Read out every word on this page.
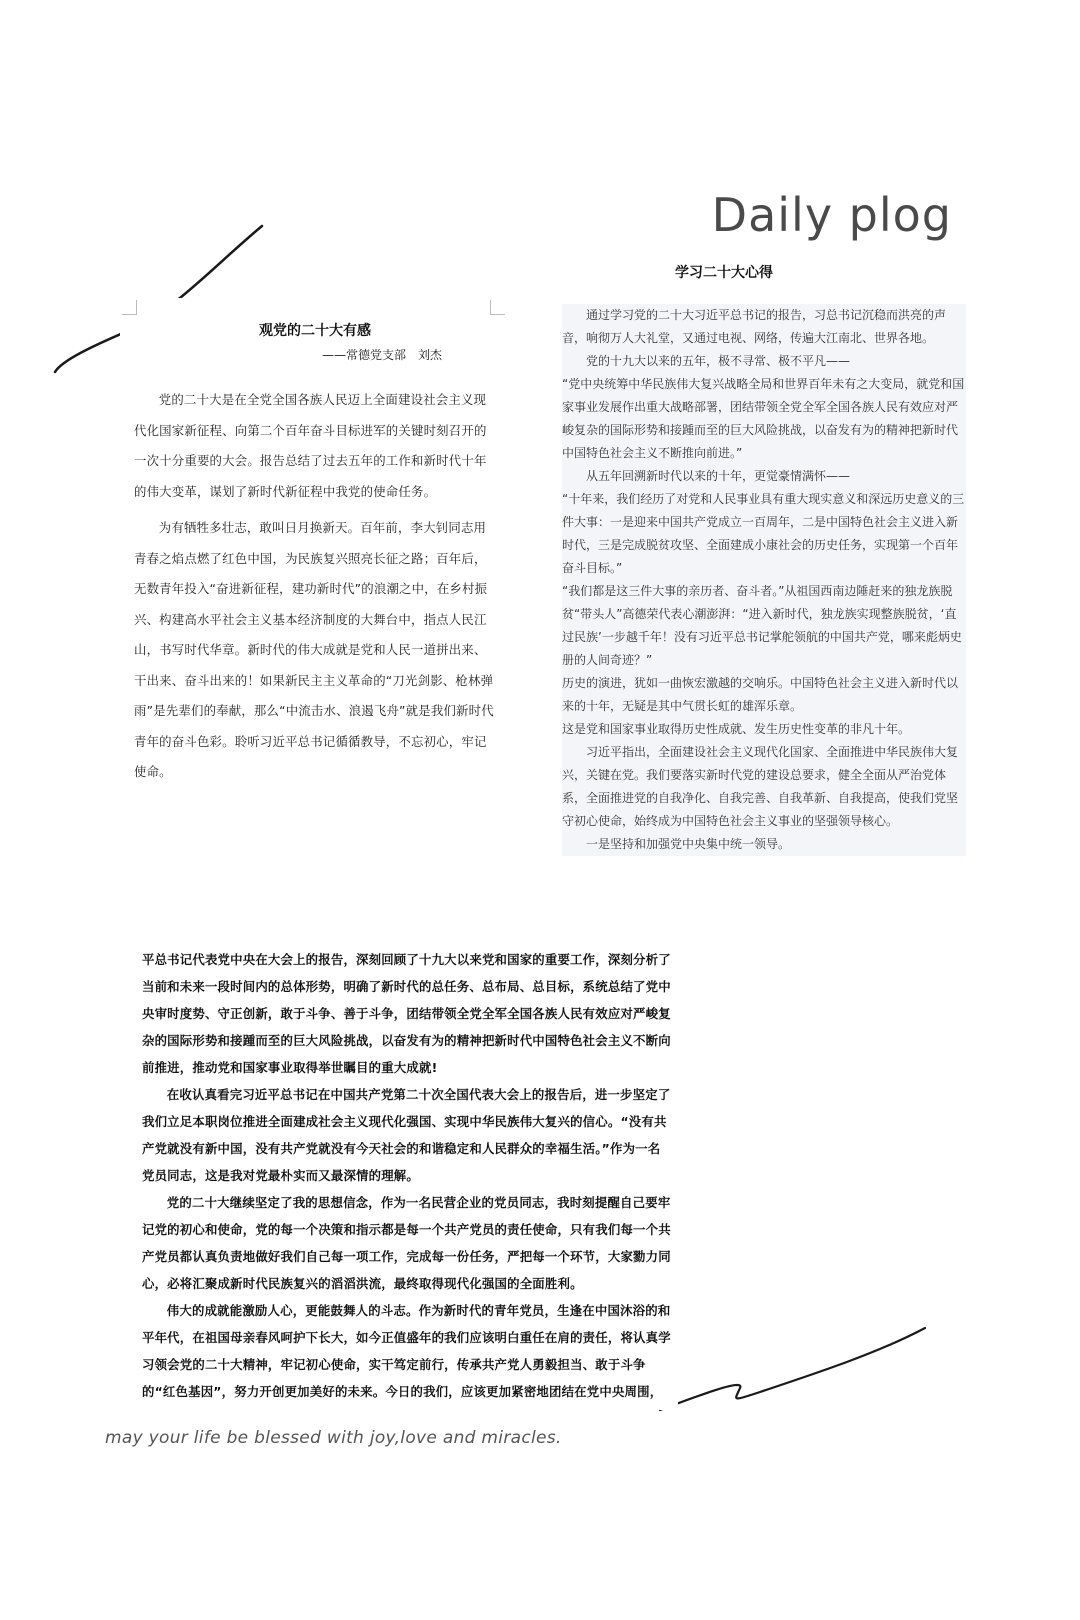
Daily plog
观党的二十大有感
——常德党支部　刘杰

党的二十大是在全党全国各族人民迈上全面建设社会主义现代化国家新征程、向第二个百年奋斗目标进军的关键时刻召开的一次十分重要的大会。报告总结了过去五年的工作和新时代十年的伟大变革，谋划了新时代新征程中我党的使命任务。

为有牺牲多壮志，敢叫日月换新天。百年前，李大钊同志用青春之焰点燃了红色中国，为民族复兴照亮长征之路；百年后，无数青年投入“奋进新征程，建功新时代”的浪潮之中，在乡村振兴、构建高水平社会主义基本经济制度的大舞台中，指点人民江山，书写时代华章。新时代的伟大成就是党和人民一道拼出来、干出来、奋斗出来的！如果新民主主义革命的“刀光剑影、枪林弹雨”是先辈们的奉献，那么“中流击水、浪遏飞舟”就是我们新时代青年的奋斗色彩。聆听习近平总书记循循教导，不忘初心，牢记使命。

学习二十大心得

通过学习党的二十大习近平总书记的报告，习总书记沉稳而洪亮的声音，响彻万人大礼堂，又通过电视、网络，传遍大江南北、世界各地。

党的十九大以来的五年，极不寻常、极不平凡——

“党中央统筹中华民族伟大复兴战略全局和世界百年未有之大变局，就党和国家事业发展作出重大战略部署，团结带领全党全军全国各族人民有效应对严峻复杂的国际形势和接踵而至的巨大风险挑战，以奋发有为的精神把新时代中国特色社会主义不断推向前进。”

从五年回溯新时代以来的十年，更觉豪情满怀——

“十年来，我们经历了对党和人民事业具有重大现实意义和深远历史意义的三件大事：一是迎来中国共产党成立一百周年，二是中国特色社会主义进入新时代，三是完成脱贫攻坚、全面建成小康社会的历史任务，实现第一个百年奋斗目标。”

“我们都是这三件大事的亲历者、奋斗者。”从祖国西南边陲赶来的独龙族脱贫“带头人”高德荣代表心潮澎湃：“进入新时代，独龙族实现整族脱贫，‘直过民族’一步越千年！没有习近平总书记掌舵领航的中国共产党，哪来彪炳史册的人间奇迹？”

历史的演进，犹如一曲恢宏激越的交响乐。中国特色社会主义进入新时代以来的十年，无疑是其中气贯长虹的雄浑乐章。

这是党和国家事业取得历史性成就、发生历史性变革的非凡十年。

习近平指出，全面建设社会主义现代化国家、全面推进中华民族伟大复兴，关键在党。我们要落实新时代党的建设总要求，健全全面从严治党体系，全面推进党的自我净化、自我完善、自我革新、自我提高，使我们党坚守初心使命，始终成为中国特色社会主义事业的坚强领导核心。

一是坚持和加强党中央集中统一领导。

平总书记代表党中央在大会上的报告，深刻回顾了十九大以来党和国家的重要工作，深刻分析了当前和未来一段时间内的总体形势，明确了新时代的总任务、总布局、总目标，系统总结了党中央审时度势、守正创新，敢于斗争、善于斗争，团结带领全党全军全国各族人民有效应对严峻复杂的国际形势和接踵而至的巨大风险挑战，以奋发有为的精神把新时代中国特色社会主义不断向前推进，推动党和国家事业取得举世瞩目的重大成就!

在收认真看完习近平总书记在中国共产党第二十次全国代表大会上的报告后，进一步坚定了我们立足本职岗位推进全面建成社会主义现代化强国、实现中华民族伟大复兴的信心。“没有共产党就没有新中国，没有共产党就没有今天社会的和谐稳定和人民群众的幸福生活。”作为一名党员同志，这是我对党最朴实而又最深情的理解。

党的二十大继续坚定了我的思想信念，作为一名民营企业的党员同志，我时刻提醒自己要牢记党的初心和使命，党的每一个决策和指示都是每一个共产党员的责任使命，只有我们每一个共产党员都认真负责地做好我们自己每一项工作，完成每一份任务，严把每一个环节，大家勠力同心，必将汇聚成新时代民族复兴的滔滔洪流，最终取得现代化强国的全面胜利。

伟大的成就能激励人心，更能鼓舞人的斗志。作为新时代的青年党员，生逢在中国沐浴的和平年代，在祖国母亲春风呵护下长大，如今正值盛年的我们应该明白重任在肩的责任，将认真学习领会党的二十大精神，牢记初心使命，实干笃定前行，传承共产党人勇毅担当、敢于斗争的“红色基因”，努力开创更加美好的未来。今日的我们，应该更加紧密地团结在党中央周围，

may your life be blessed with joy,love and miracles.
